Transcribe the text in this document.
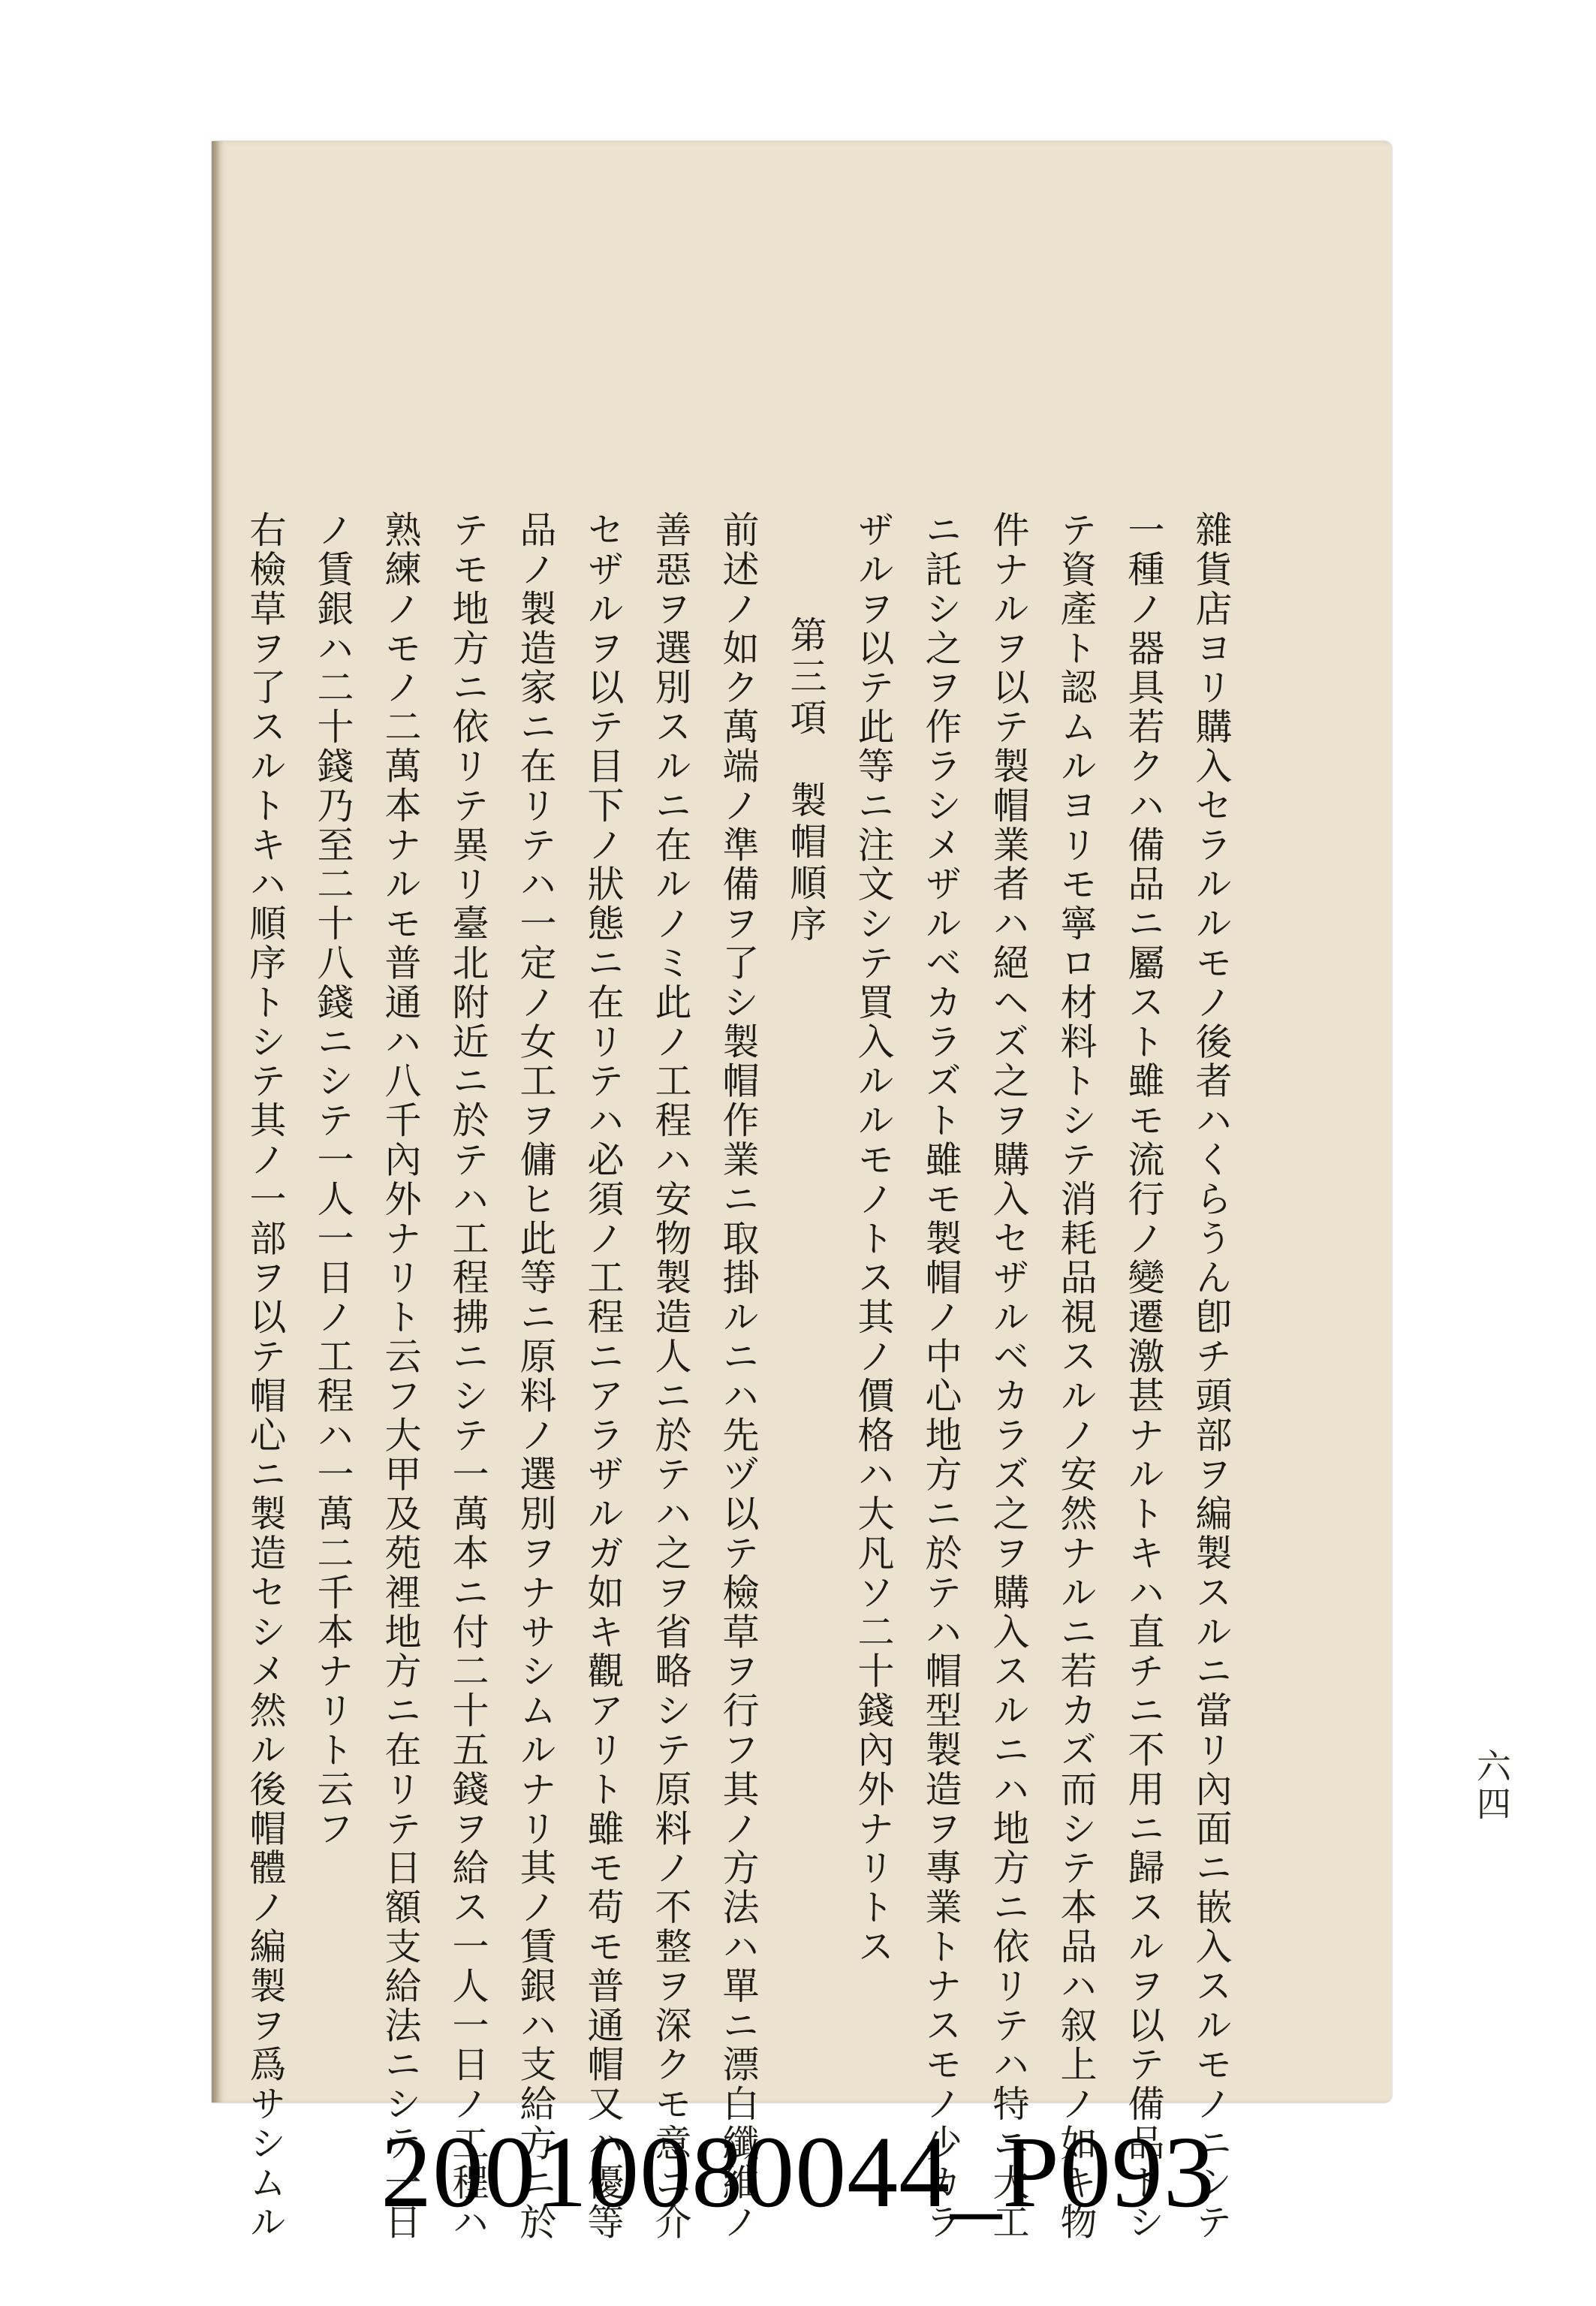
六四
雜貨店ヨリ購入セラルルモノ後者ハくらうん卽チ頭部ヲ編製スルニ當リ內面ニ嵌入スルモノニシテ
一種ノ器具若クハ備品ニ屬スト雖モ流行ノ變遷激甚ナルトキハ直チニ不用ニ歸スルヲ以テ備品トシ
テ資產ト認ムルヨリモ寧ロ材料トシテ消耗品視スルノ安然ナルニ若カズ而シテ本品ハ叙上ノ如キ物
件ナルヲ以テ製帽業者ハ絕ヘズ之ヲ購入セザルベカラズ之ヲ購入スルニハ地方ニ依リテハ特ニ大工
ニ託シ之ヲ作ラシメザルベカラズト雖モ製帽ノ中心地方ニ於テハ帽型製造ヲ專業トナスモノ少カラ
ザルヲ以テ此等ニ注文シテ買入ルルモノトス其ノ價格ハ大凡ソ二十錢內外ナリトス
第三項　製帽順序
前述ノ如ク萬端ノ準備ヲ了シ製帽作業ニ取掛ルニハ先ヅ以テ檢草ヲ行フ其ノ方法ハ單ニ漂白纖維ノ
善惡ヲ選別スルニ在ルノミ此ノ工程ハ安物製造人ニ於テハ之ヲ省略シテ原料ノ不整ヲ深クモ意ニ介
セザルヲ以テ目下ノ狀態ニ在リテハ必須ノ工程ニアラザルガ如キ觀アリト雖モ苟モ普通帽又ハ優等
品ノ製造家ニ在リテハ一定ノ女工ヲ傭ヒ此等ニ原料ノ選別ヲナサシムルナリ其ノ賃銀ハ支給方ニ於
テモ地方ニ依リテ異リ臺北附近ニ於テハ工程拂ニシテ一萬本ニ付二十五錢ヲ給ス一人一日ノ工程ハ
熟練ノモノ二萬本ナルモ普通ハ八千內外ナリト云フ大甲及苑裡地方ニ在リテ日額支給法ニシテ一日
ノ賃銀ハ二十錢乃至二十八錢ニシテ一人一日ノ工程ハ一萬二千本ナリト云フ
右檢草ヲ了スルトキハ順序トシテ其ノ一部ヲ以テ帽心ニ製造セシメ然ル後帽體ノ編製ヲ爲サシムル 20010080044_P093
